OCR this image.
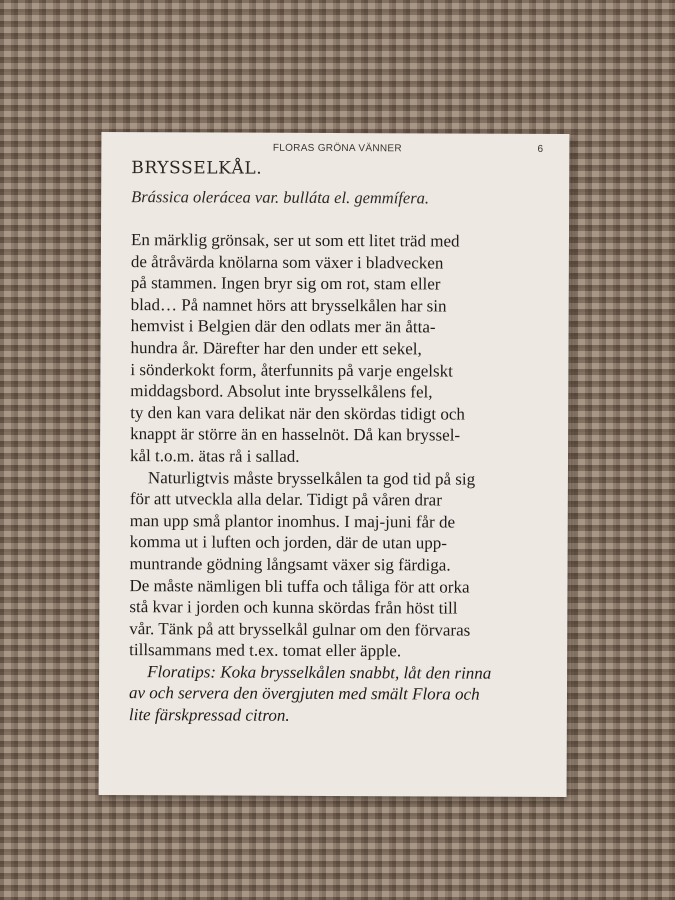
FLORAS GRÖNA VÄNNER	6
BRYSSELKÅL.
Brássica olerácea var. bulláta el. gemmífera.
En märklig grönsak, ser ut som ett litet träd med
de åtråvärda knölarna som växer i bladvecken
på stammen. Ingen bryr sig om rot, stam eller
blad… På namnet hörs att brysselkålen har sin
hemvist i Belgien där den odlats mer än åtta-
hundra år. Därefter har den under ett sekel,
i sönderkokt form, återfunnits på varje engelskt
middagsbord. Absolut inte brysselkålens fel,
ty den kan vara delikat när den skördas tidigt och
knappt är större än en hasselnöt. Då kan bryssel-
kål t.o.m. ätas rå i sallad.
Naturligtvis måste brysselkålen ta god tid på sig
för att utveckla alla delar. Tidigt på våren drar
man upp små plantor inomhus. I maj-juni får de
komma ut i luften och jorden, där de utan upp-
muntrande gödning långsamt växer sig färdiga.
De måste nämligen bli tuffa och tåliga för att orka
stå kvar i jorden och kunna skördas från höst till
vår. Tänk på att brysselkål gulnar om den förvaras
tillsammans med t.ex. tomat eller äpple.
Floratips: Koka brysselkålen snabbt, låt den rinna
av och servera den övergjuten med smält Flora och
lite färskpressad citron.
